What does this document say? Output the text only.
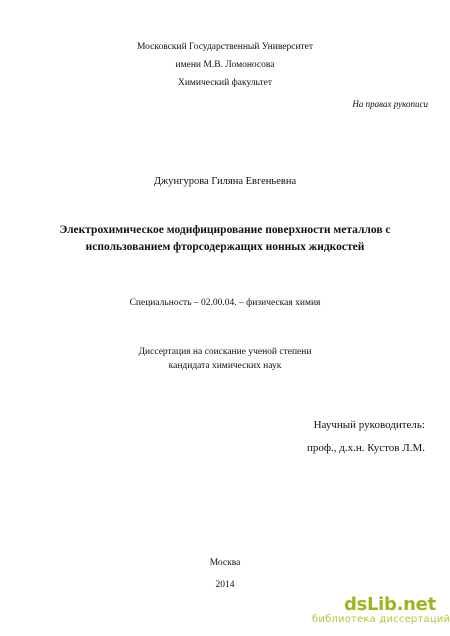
Московский Государственный Университет
имени М.В. Ломоносова
Химический факультет
На правах рукописи
Джунгурова Гиляна Евгеньевна
Электрохимическое модифицирование поверхности металлов с
использованием фторсодержащих ионных жидкостей
Специальность – 02.00.04. – физическая химия
Диссертация на соискание ученой степени
кандидата химических наук
Научный руководитель:
проф., д.х.н. Кустов Л.М.
Москва
2014
dsLib.net
библиотека диссертаций
